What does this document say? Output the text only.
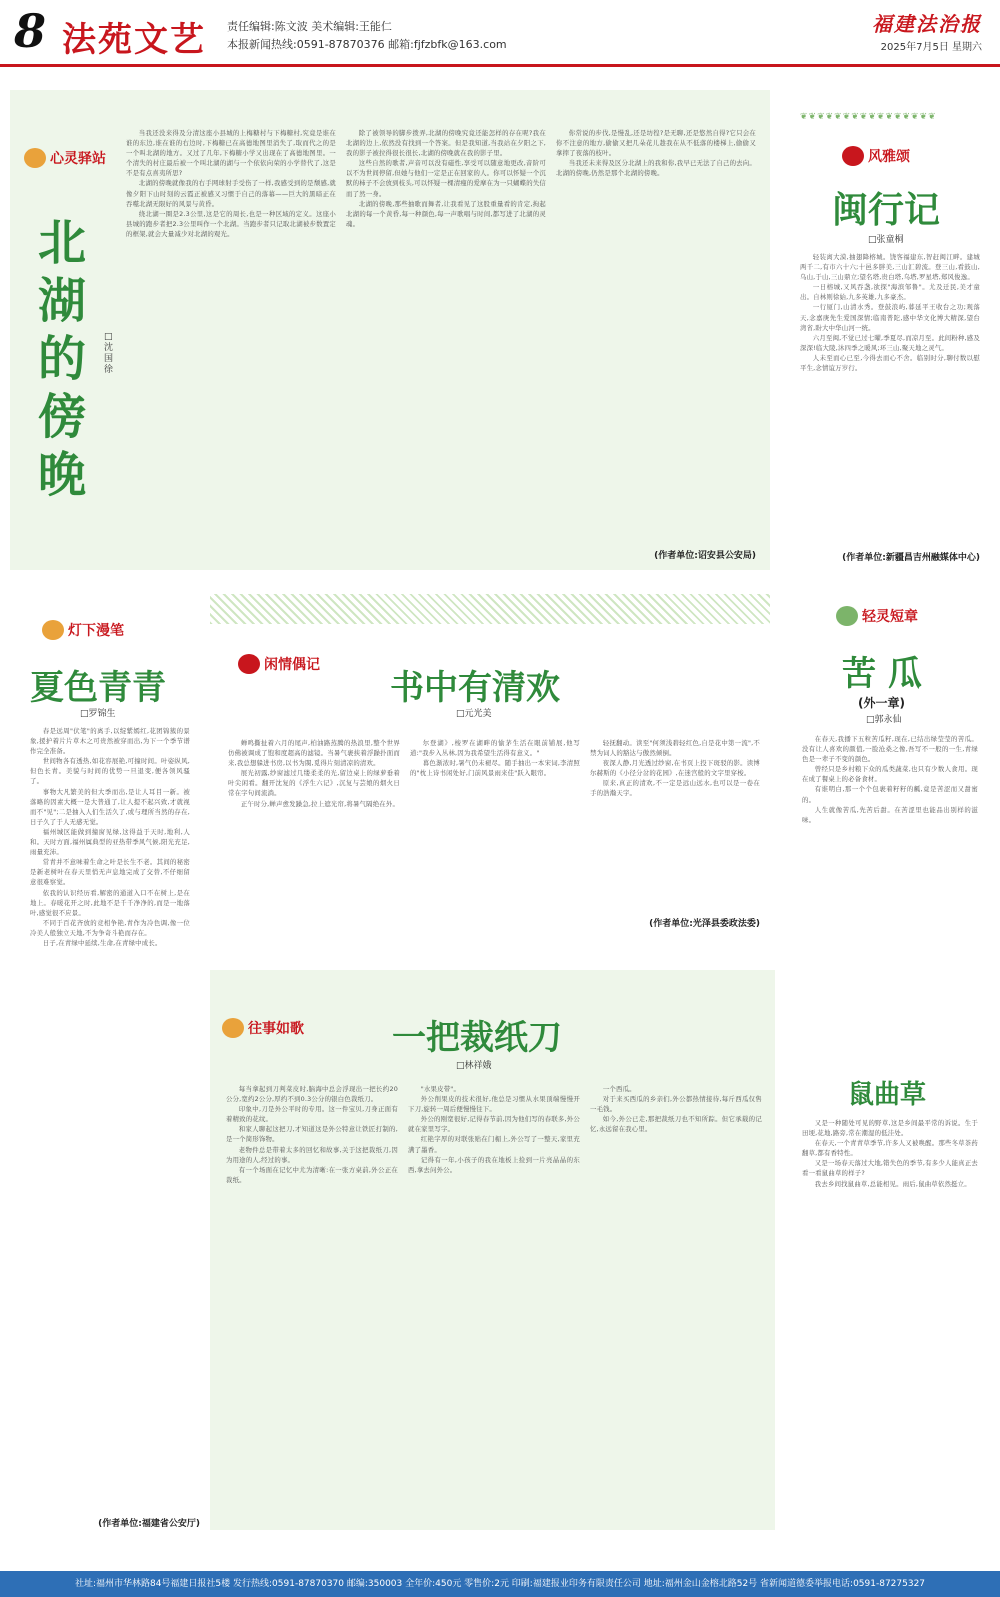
8 法苑文艺 责任编辑:陈文波 美术编辑:王能仁
本报新闻热线:0591-87870376 邮箱:fjfzbfk@163.com
福建法治报
2025年7月5日 星期六
心灵驿站
北湖的傍晚
□沈国徐

当我还没来得及分清这座小县城的上梅糖村与下梅糖村,究竟是谁在谁的东边,谁在谁的右边时,下梅糖已在高德地图里消失了,取而代之的是一个叫北湖的地方。又过了几年,下梅糖小学又出现在了高德地图里。一个清失的村庄最后被一个叫北湖的湖与一个依依向荣的小学替代了,这是不是有点喜夷所思?

北湖的傍晚就像我的右手网球射手受伤了一样,我感受到的是颓感,就像夕阳下山时刻的云霞正被感又习惯于自己的落幕——巨大的黑暗正在吞噬北湖无限好的风景与黄昏。

绕北湖一圈是2.3公里,这是它的周长,也是一种区域的定义。这座小县城的跑步者把2.3公里叫作一个北湖。当跑步者只记取北湖被步数置定的框架,就会大量减少对北湖的观光。

除了被领导的脚步拨弄,北湖的傍晚究竟还能怎样的存在呢?我在北湖的边上,依然没有找到一个答案。但是我知道,当我站在夕阳之下,我的影子被拉得很长很长,北湖的傍晚就在我的影子里。

这些自然的歌者,声音可以没有磁性,享受可以随意地更改,音阶可以不为世间停留,但她与他们一定是正在回家的人。你可以怀疑一个沉默的柿子不会放到枝头,可以怀疑一棵清瘦的爱摩在为一只蝴蝶的失信而了然一身。

北湖的傍晚,那些抽歌而舞者,让我看见了这股重量看的肯定,拘起北湖的每一个黄昏,每一种颜色,每一声歌唱与时间,都写进了北湖的灵魂。

你常说的步伐,是慢乱,还是坊徨?是无聊,还是悠然自得?它只会在你不注意的地方,偷偷又把几朵花儿趁我在从不低落的楼梯上,偷偷又拿摔了夜落的枝叶。

当我还未来得及区分北湖上的我和你,我早已无法了自己的去向。北湖的傍晚,仍然是那个北湖的傍晚。

(作者单位:诏安县公安局)
❦❦❦❦❦❦❦❦❦❦❦❦❦❦❦❦
风雅颂
闽行记
□张童桐

轻装离大漠,抽翅降榕城。饶客福建东,智赶闽江畔。建城两千二,有市六十六;十邑多胖美,三山汇碧流。登三山,看鼓山,乌山,于山,三山鼎立;望名塔,贵白塔,乌塔,罗星塔,郑风俊逸。

一日榕城,又风吞盏,欲探"海滨邹鲁"。尤及迁民,美才童出。自林则徐始,九多英雄,九多豪杰。

一行厦门,山清水秀。登鼓浪屿,暮延平王收台之功;观落天,念嘉庚先生爱国深情;临南普陀,感中华文化博大精深,望台湾省,盼大中华山河一统。

六月至闽,不觉已过七曜,季夏尽,而凉月至。此间粉种,感及深深!临大陵,沐四季之暖风;环三山,聚天地之灵气。

人未至而心已至,今得去而心不舍。临别时分,聊付数以慰平生,念情谊万岁行。

(作者单位:新疆昌吉州融媒体中心)
灯下漫笔
夏色青青
□罗锦生

春是远周"伏笔"的离手,以绽紫嫣红,花团锦簇的景象,援护着片片草木之可贵然被穿而出,为下一个季节谱作完全准备。

世间物各有透热,如花容展艳,可撞时间。叶姿纵风,但色长青。美貌与时间的优势一旦退变,便各领风骚了。

事物大凡繁美的但大季而出,是让人耳目一新。被落略的因素大概一是大普通了,让人提不起兴致,才就视而不"见";二是抽入人们生活久了,或与理所当然的存在,日子久了于人无感无觉。

福州城区能做到撞窗见绿,这得益于天时,地利,人和。天时方面,福州属典型的亚热带季风气候,阳光充足,雨量充沛。

常青并不意味着生命之叶是长生不老。其间的秘密是新老树叶在春天里悄无声息地完成了交替,不仔细留意很难察觉。

依我的认识经历看,解密的通道入口不在树上,是在地上。春暖花开之时,此地不是千千净净的,而是一地落叶,感觉很不应景。

不同于百花齐放的竞相争艳,青作为冷色调,像一位冷美人般独立天地,不为争奇斗艳而存在。

日子,在青绿中延续,生命,在青绿中成长。

(作者单位:福建省公安厅)
闲情偶记
书中有清欢
□元光美

蝉鸣撕扯着六月的尾声,柏油路蒸腾的热浪里,整个世界仿佛被调成了饱和度超高的滤镜。当暑气裹挟着浮躁扑面而来,我总想躲进书房,以书为閥,觅得片刻清凉的清欢。

展光初露,纱窗滤过几缕柔柔的光,留边桌上的绿萝垂着叶尖闲看。翻开沈复的《浮生六记》,沉复与芸娘的烟火日常在字句间流淌。

正午时分,蝉声愈发躁急,拉上遮光帘,将暑气隔绝在外。

尔登湖》,梭罗在湖畔的愉茅生活在眼前铺展,他写道:"我步入丛林,因为我希望生活得有意义。"

暮色渐浓时,暑气仍未褪尽。随手抽出一本宋词,李清照的"枕上诗书闲处好,门前风景雨来佳"跃入眼帘。

轻抚翻动。读至"何须浅碧轻红色,自是花中第一流",不禁为词人的豁达与傲然倾倒。

夜深人静,月光透过纱窗,在书页上投下斑驳的影。读博尔赫斯的《小径分岔的花园》,在迷宫般的文字里穿梭。

原来,真正的清欢,不一定是远山远水,也可以是一卷在手的浩瀚天宇。

(作者单位:光泽县委政法委)
往事如歌	一把裁纸刀
□林祥娥

每当拿起到刀判菜皮时,脑海中总会浮现出一把长约20公分,宽约2公分,厚约不到0.3公分的银白色裁纸刀。

印象中,刀是外公平时的专用。这一件宝贝,刀身正面有着精致的花纹。

和家人聊起这把刀,才知道这是外公特意让铁匠打制的,是一个简形饰物。

老物件总是带着太多的回忆和故事,关于这把裁纸刀,因为用途的人,经过的事。

有一个场面在记忆中尤为清晰:在一张方桌前,外公正在裁纸。

"水果皮带"。

外公削果皮的技术很好,他总是习惯从水果顶端慢慢开下刀,旋转一周后便慢慢往下。

外公的刚宽很好,记得春节前,因为他们写的春联多,外公就在家里写字。

红艳字厚的对联张贴在门楣上,外公写了一整天,家里充满了墨香。

记得有一年,小孩子的我在地板上捡到一片亮晶晶的东西,拿去问外公。

一个西瓜。

对于来买西瓜的乡亲们,外公都热情接待,每斤西瓜仅售一毛钱。

如今,外公已走,那把裁纸刀也不知所踪。但它承载的记忆,永远留在我心里。

轻灵短章
苦 瓜
(外一章)
□郭永仙

在春天,我播下五粒苦瓜籽,现在,已结出绿莹莹的苦瓜。没有让人喜欢的颜值,一脸沧桑之像,吾写不一般的一生,青绿色是一辈子不变的颜色。

曾经只是乡村粮下众的瓜类蔬菜,也只有少数人食用。现在成了餐桌上的必备食材。

有谁明白,那一个个包裹着籽籽的瓤,竟是苦涩而又甜蜜的。

人生就像苦瓜,先苦后甜。在苦涩里也能品出别样的滋味。

鼠曲草

又是一种随处可见的野草,这是乡间最平常的诉说。生于田埂,花地,路旁,常在潮湿的低洼处。

在春天,一个青青草季节,许多人又被唤醒。那些冬草茶药翻草,都有香特性。

又是一场春天落过大地,错失色的季节,有多少人能真正去看一看鼠曲草的样子?

我去乡间找鼠曲草,总能相见。雨后,鼠曲草依然挺立。

社址:福州市华林路84号福建日报社5楼 发行热线:0591-87870370 邮编:350003 全年价:450元 零售价:2元 印刷:福建报业印务有限责任公司 地址:福州金山金榕北路52号 省新闻道德委举报电话:0591-87275327
